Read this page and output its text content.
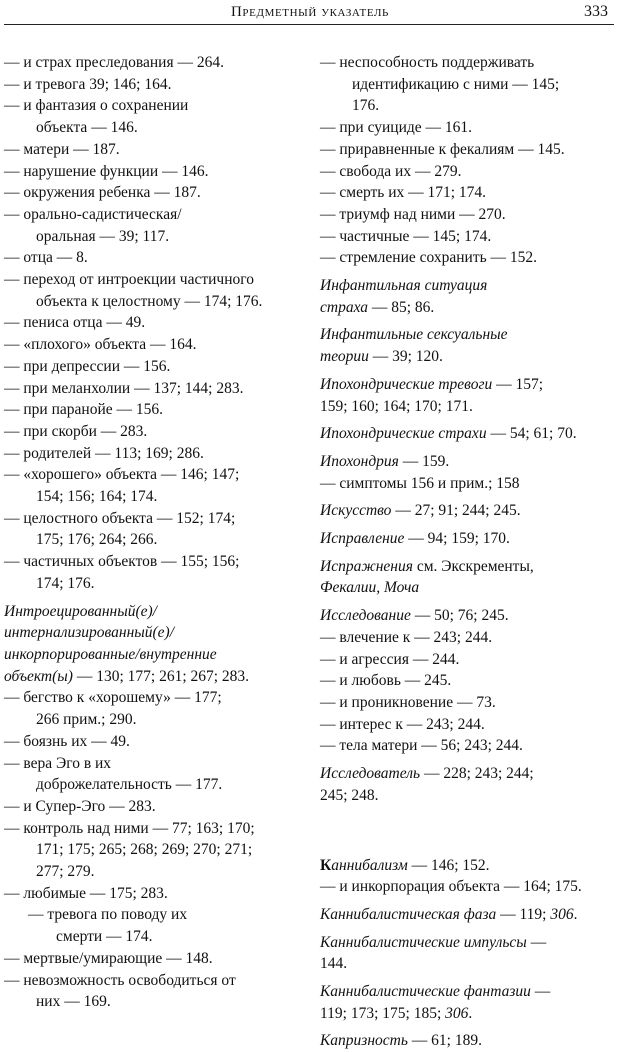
Предметный указатель	333
— и страх преследования — 264.
— и тревога 39; 146; 164.
— и фантазия о сохранении
объекта — 146.
— матери — 187.
— нарушение функции — 146.
— окружения ребенка — 187.
— орально-садистическая/
оральная — 39; 117.
— отца — 8.
— переход от интроекции частичного
объекта к целостному — 174; 176.
— пениса отца — 49.
— «плохого» объекта — 164.
— при депрессии — 156.
— при меланхолии — 137; 144; 283.
— при паранойе — 156.
— при скорби — 283.
— родителей — 113; 169; 286.
— «хорошего» объекта — 146; 147;
154; 156; 164; 174.
— целостного объекта — 152; 174;
175; 176; 264; 266.
— частичных объектов — 155; 156;
174; 176.
Интроецированный(е)/
интернализированный(е)/
инкорпорированные/внутренние
объект(ы) — 130; 177; 261; 267; 283.
— бегство к «хорошему» — 177;
266 прим.; 290.
— боязнь их — 49.
— вера Эго в их
доброжелательность — 177.
— и Супер-Эго — 283.
— контроль над ними — 77; 163; 170;
171; 175; 265; 268; 269; 270; 271;
277; 279.
— любимые — 175; 283.
— тревога по поводу их
смерти — 174.
— мертвые/умирающие — 148.
— невозможность освободиться от
них — 169.
— неспособность поддерживать
идентификацию с ними — 145;
176.
— при суициде — 161.
— приравненные к фекалиям — 145.
— свобода их — 279.
— смерть их — 171; 174.
— триумф над ними — 270.
— частичные — 145; 174.
— стремление сохранить — 152.
Инфантильная ситуация
страха — 85; 86.
Инфантильные сексуальные
теории — 39; 120.
Ипохондрические тревоги — 157;
159; 160; 164; 170; 171.
Ипохондрические страхи — 54; 61; 70.
Ипохондрия — 159.
— симптомы 156 и прим.; 158
Искусство — 27; 91; 244; 245.
Исправление — 94; 159; 170.
Испражнения см. Экскременты,
Фекалии, Моча
Исследование — 50; 76; 245.
— влечение к — 243; 244.
— и агрессия — 244.
— и любовь — 245.
— и проникновение — 73.
— интерес к — 243; 244.
— тела матери — 56; 243; 244.
Исследователь — 228; 243; 244;
245; 248.
Каннибализм — 146; 152.
— и инкорпорация объекта — 164; 175.
Каннибалистическая фаза — 119; 306.
Каннибалистические импульсы —
144.
Каннибалистические фантазии —
119; 173; 175; 185; 306.
Капризность — 61; 189.
